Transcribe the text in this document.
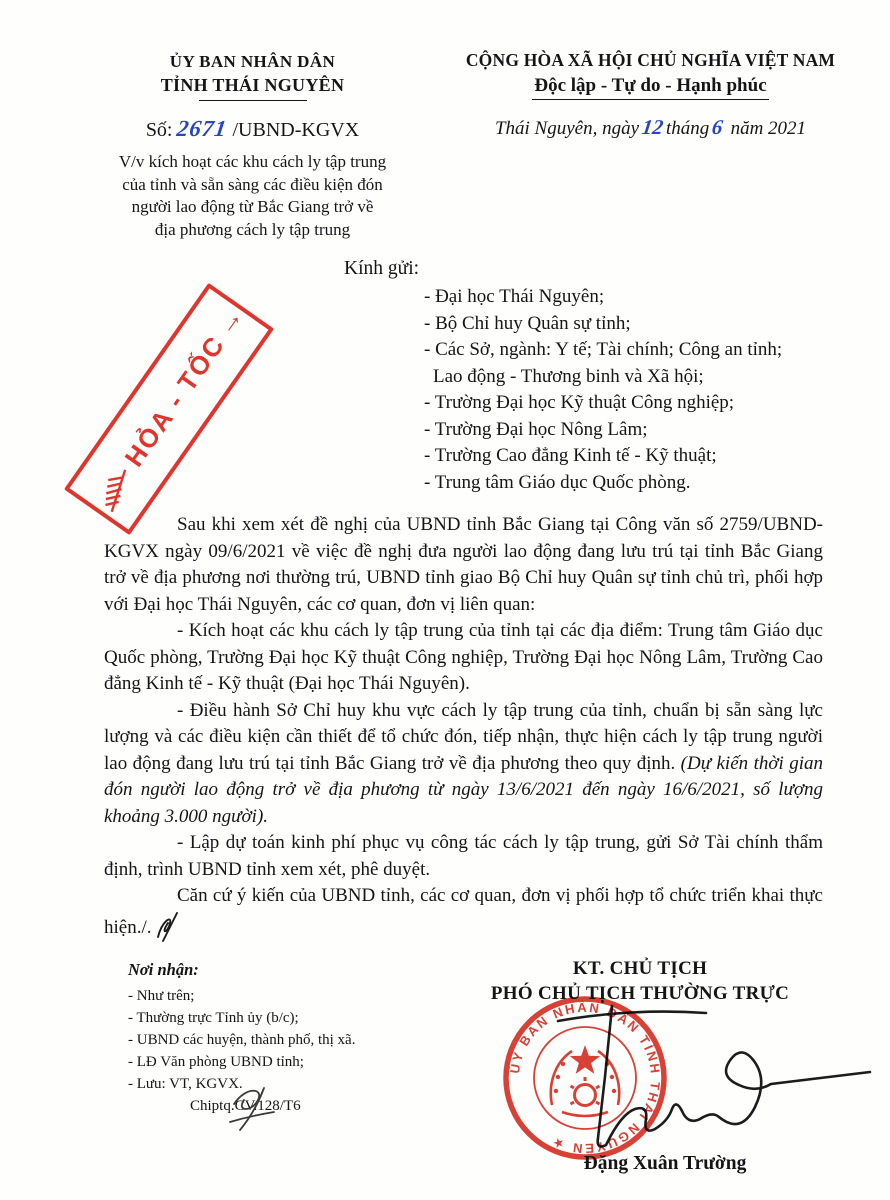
ỦY BAN NHÂN DÂN
TỈNH THÁI NGUYÊN
Số: 2671 /UBND-KGVX
V/v kích hoạt các khu cách ly tập trung
của tỉnh và sẵn sàng các điều kiện đón
người lao động từ Bắc Giang trở về
địa phương cách ly tập trung
CỘNG HÒA XÃ HỘI CHỦ NGHĨA VIỆT NAM
Độc lập - Tự do - Hạnh phúc
Thái Nguyên, ngày12tháng6 năm 2021
HỎA - TỐC
→
Kính gửi:
- Đại học Thái Nguyên;
- Bộ Chỉ huy Quân sự tỉnh;
- Các Sở, ngành: Y tế; Tài chính; Công an tỉnh;
Lao động - Thương binh và Xã hội;
- Trường Đại học Kỹ thuật Công nghiệp;
- Trường Đại học Nông Lâm;
- Trường Cao đẳng Kinh tế - Kỹ thuật;
- Trung tâm Giáo dục Quốc phòng.

Sau khi xem xét đề nghị của UBND tỉnh Bắc Giang tại Công văn số 2759/UBND-KGVX ngày 09/6/2021 về việc đề nghị đưa người lao động đang lưu trú tại tỉnh Bắc Giang trở về địa phương nơi thường trú, UBND tỉnh giao Bộ Chỉ huy Quân sự tỉnh chủ trì, phối hợp với Đại học Thái Nguyên, các cơ quan, đơn vị liên quan:

- Kích hoạt các khu cách ly tập trung của tỉnh tại các địa điểm: Trung tâm Giáo dục Quốc phòng, Trường Đại học Kỹ thuật Công nghiệp, Trường Đại học Nông Lâm, Trường Cao đẳng Kinh tế - Kỹ thuật (Đại học Thái Nguyên).

- Điều hành Sở Chỉ huy khu vực cách ly tập trung của tỉnh, chuẩn bị sẵn sàng lực lượng và các điều kiện cần thiết để tổ chức đón, tiếp nhận, thực hiện cách ly tập trung người lao động đang lưu trú tại tỉnh Bắc Giang trở về địa phương theo quy định. (Dự kiến thời gian đón người lao động trở về địa phương từ ngày 13/6/2021 đến ngày 16/6/2021, số lượng khoảng 3.000 người).

- Lập dự toán kinh phí phục vụ công tác cách ly tập trung, gửi Sở Tài chính thẩm định, trình UBND tỉnh xem xét, phê duyệt.

Căn cứ ý kiến của UBND tỉnh, các cơ quan, đơn vị phối hợp tổ chức triển khai thực hiện./.

Nơi nhận:
- Như trên;
- Thường trực Tỉnh ủy (b/c);
- UBND các huyện, thành phố, thị xã.
- LĐ Văn phòng UBND tỉnh;
- Lưu: VT, KGVX.
Chiptq.CV.128/T6
KT. CHỦ TỊCH
PHÓ CHỦ TỊCH THƯỜNG TRỰC
ỦY BAN NHÂN DÂN TỈNH THÁI NGUYÊN ★
Đặng Xuân Trường
